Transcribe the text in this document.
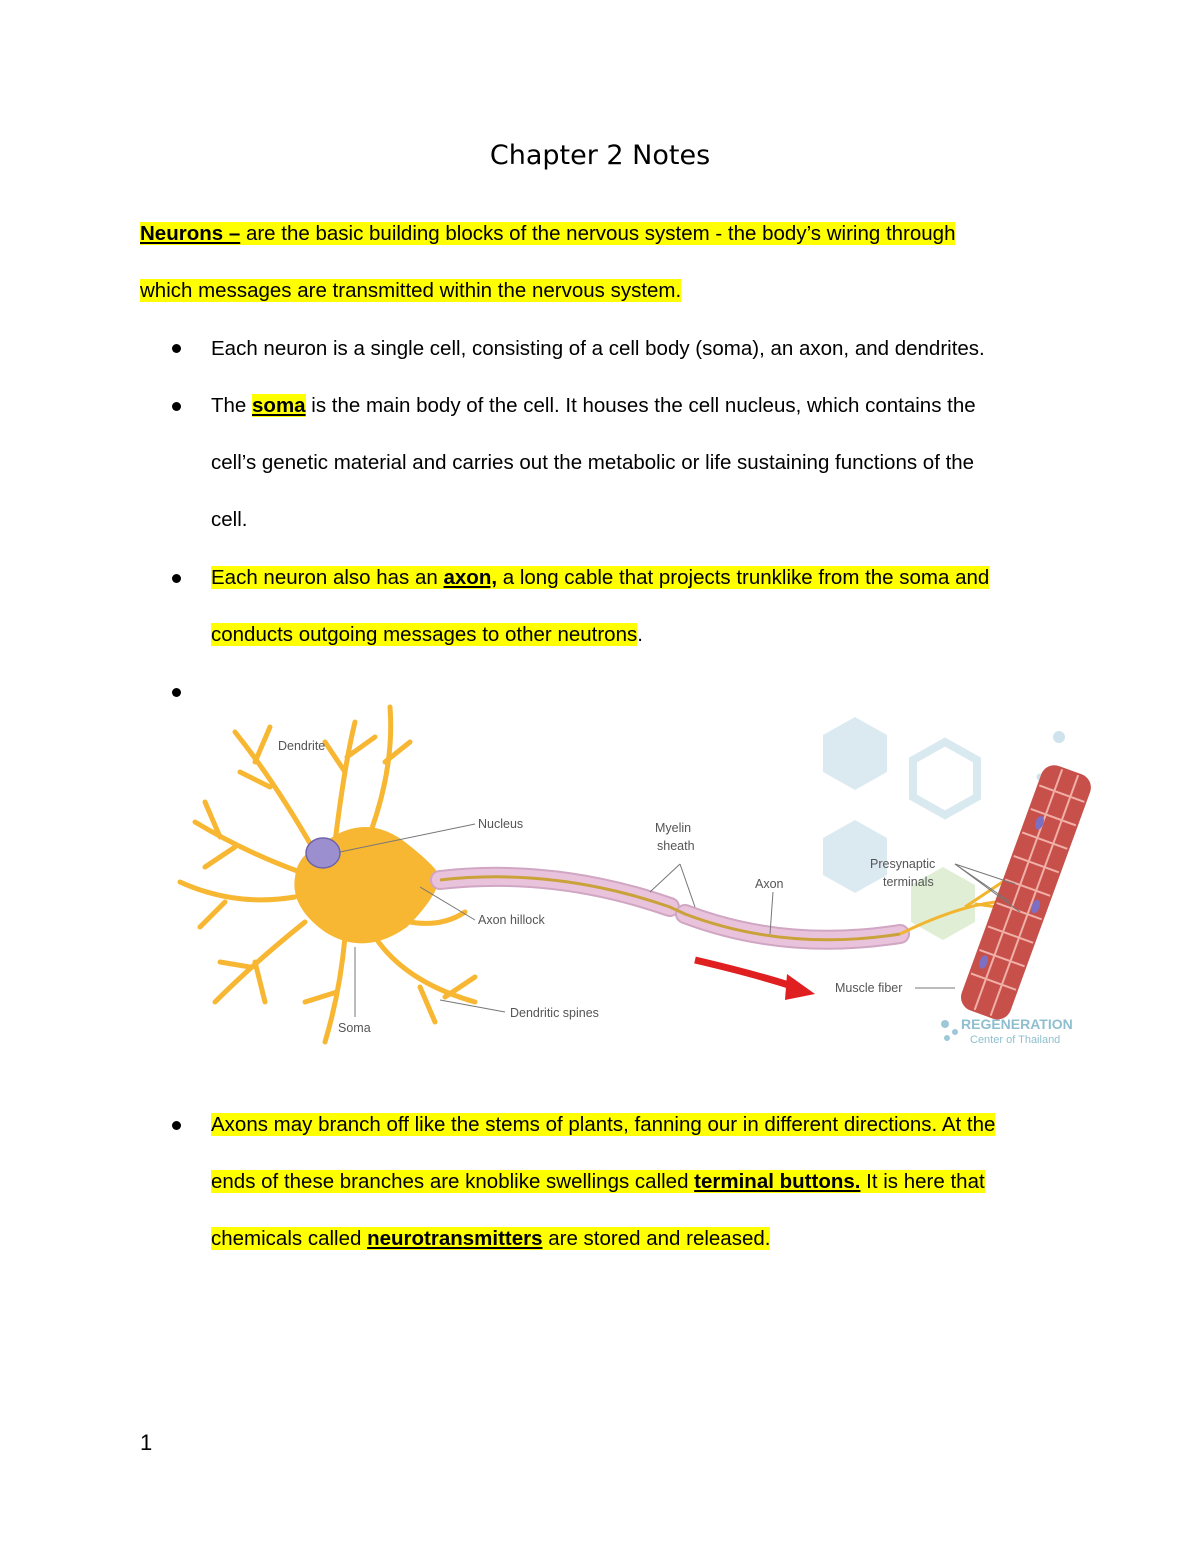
Chapter 2 Notes
Neurons – are the basic building blocks of the nervous system - the body’s wiring through
which messages are transmitted within the nervous system.
Each neuron is a single cell, consisting of a cell body (soma), an axon, and dendrites.
The soma is the main body of the cell. It houses the cell nucleus, which contains the
cell’s genetic material and carries out the metabolic or life sustaining functions of the
cell.
Each neuron also has an axon, a long cable that projects trunklike from the soma and
conducts outgoing messages to other neutrons.
Dendrite
Nucleus
Axon hillock
Soma
Dendritic spines
Myelin
sheath
Axon
Presynaptic
terminals
Muscle fiber
REGENERATION
Center of Thailand
Axons may branch off like the stems of plants, fanning our in different directions. At the
ends of these branches are knoblike swellings called terminal buttons. It is here that
chemicals called neurotransmitters are stored and released.
1
